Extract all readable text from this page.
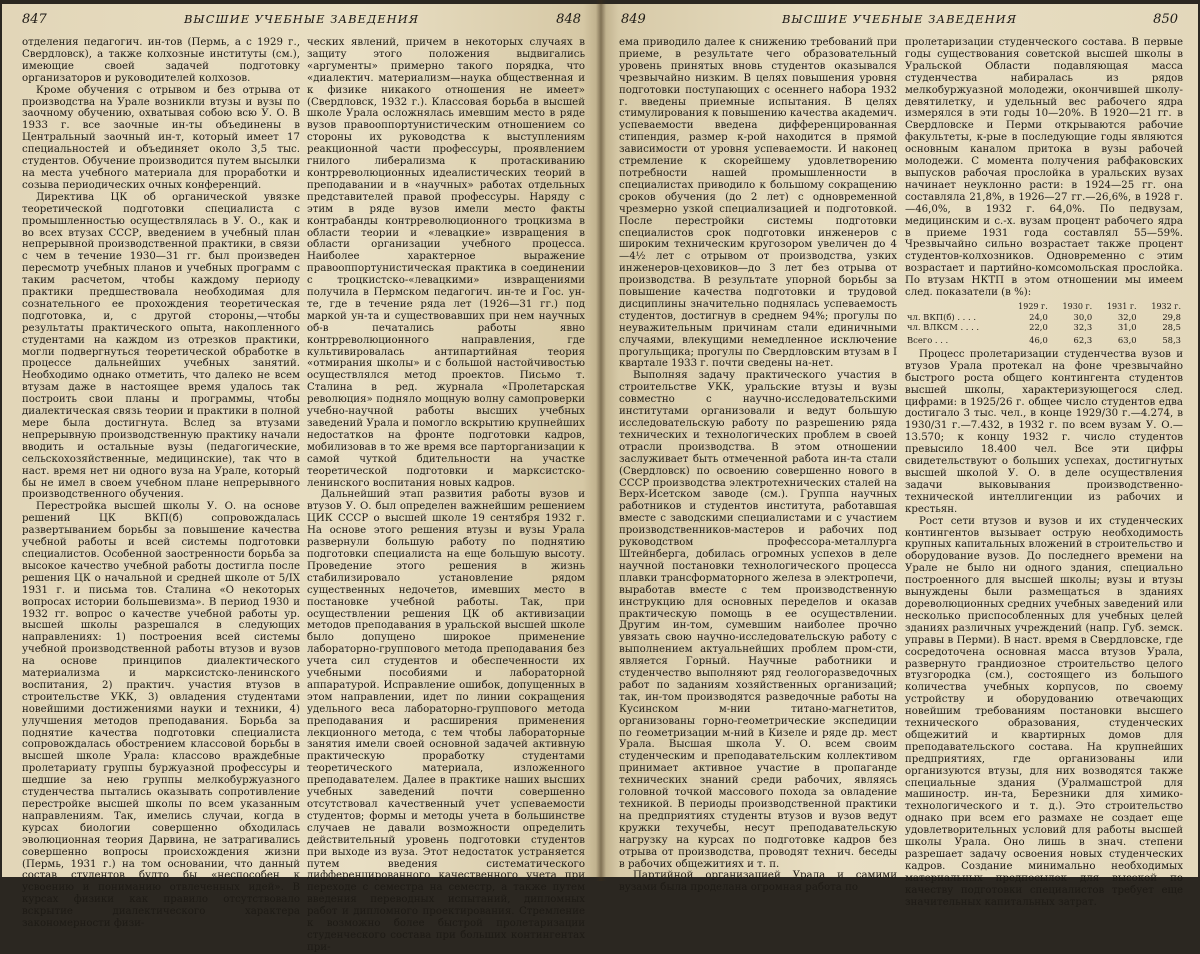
847	ВЫСШИЕ УЧЕБНЫЕ ЗАВЕДЕНИЯ	848

отделения педагогич. ин-тов (Пермь, а с 1929 г., Свердловск), а также колхозные институты (см.), имеющие своей задачей подготовку организаторов и руководителей колхозов.

Кроме обучения с отрывом и без отрыва от производства на Урале возникли втузы и вузы по заочному обучению, охватывая собою всю У. О. В 1933 г. все заочные ин-ты объединены в Центральный заочный ин-т, который имеет 17 специальностей и объединяет около 3,5 тыс. студентов. Обучение производится путем высылки на места учебного материала для проработки и созыва периодических очных конференций.

Директива ЦК об органической увязке теоретической подготовки специалиста с промышленностью осуществлялась в У. О., как и во всех втузах СССР, введением в учебный план непрерывной производственной практики, в связи с чем в течение 1930—31 гг. был произведен пересмотр учебных планов и учебных программ с таким расчетом, чтобы каждому периоду практики предшествовала необходимая для сознательного ее прохождения теоретическая подготовка, и, с другой стороны,—чтобы результаты практического опыта, накопленного студентами на каждом из отрезков практики, могли подвергнуться теоретической обработке в процессе дальнейших учебных занятий. Необходимо однако отметить, что далеко не всем втузам даже в настоящее время удалось так построить свои планы и программы, чтобы диалектическая связь теории и практики в полной мере была достигнута. Вслед за втузами непрерывную производственную практику начали вводить и остальные вузы (педагогические, сельскохозяйственные, медицинские), так что в наст. время нет ни одного вуза на Урале, который бы не имел в своем учебном плане непрерывного производственного обучения.

Перестройка высшей школы У. О. на основе решений ЦК ВКП(б) сопровождалась развертыванием борьбы за повышение качества учебной работы и всей системы подготовки специалистов. Особенной заостренности борьба за высокое качество учебной работы достигла после решения ЦК о начальной и средней школе от 5/IX 1931 г. и письма тов. Сталина «О некоторых вопросах истории большевизма». В период 1930 и 1932 гг. вопрос о качестве учебной работы ур. высшей школы разрешался в следующих направлениях: 1) построения всей системы учебной производственной работы втузов и вузов на основе принципов диалектического материализма и марксистско-ленинского воспитания, 2) практич. участия втузов в строительстве УКК, 3) овладения студентами новейшими достижениями науки и техники, 4) улучшения методов преподавания. Борьба за поднятие качества подготовки специалиста сопровождалась обострением классовой борьбы в высшей школе Урала: классово враждебные пролетариату группы буржуазной профессуры и шедшие за нею группы мелкобуржуазного студенчества пытались оказывать сопротивление перестройке высшей школы по всем указанным направлениям. Так, имелись случаи, когда в курсах биологии совершенно обходилась эволюционная теория Дарвина, не затрагивались совершенно вопросы происхождения жизни (Пермь, 1931 г.) на том основании, что данный состав студентов будто бы «неспособен к усвоению и пониманию отвлеченных идей». В курсах физики как правило отсутствовало вскрытие диалектического характера закономерности физи-

ческих явлений, причем в некоторых случаях в защиту этого положения выдвигались «аргументы» примерно такого порядка, что «диалектич. материализм—наука общественная и к физике никакого отношения не имеет» (Свердловск, 1932 г.). Классовая борьба в высшей школе Урала осложнялась имевшим место в ряде вузов правооппортунистическим отношением со стороны их руководства к выступлениям реакционной части профессуры, проявлением гнилого либерализма к протаскиванию контрреволюционных идеалистических теорий в преподавании и в «научных» работах отдельных представителей правой профессуры. Наряду с этим в ряде вузов имели место факты контрабанды контрреволюционного троцкизма в области теории и «левацкие» извращения в области организации учебного процесса. Наиболее характерное выражение правооппортунистическая практика в соединении с троцкистско-«левацкими» извращениями получила в Пермском педагогич. ин-те и Гос. ун-те, где в течение ряда лет (1926—31 гг.) под маркой ун-та и существовавших при нем научных об-в печатались работы явно контрреволюционного направления, где культивировалась антипартийная теория «отмирания школы» и с большой настойчивостью осуществлялся метод проектов. Письмо т. Сталина в ред. журнала «Пролетарская революция» подняло мощную волну самопроверки учебно-научной работы высших учебных заведений Урала и помогло вскрытию крупнейших недостатков на фронте подготовки кадров, мобилизовав в то же время все парторганизации к самой чуткой бдительности на участке теоретической подготовки и марксистско-ленинского воспитания новых кадров.

Дальнейший этап развития работы вузов и втузов У. О. был определен важнейшим решением ЦИК СССР о высшей школе 19 сентября 1932 г. На основе этого решения втузы и вузы Урала развернули большую работу по поднятию подготовки специалиста на еще большую высоту. Проведение этого решения в жизнь стабилизировало установление рядом существенных недочетов, имевших место в постановке учебной работы. Так, при осуществлении решения ЦК об активизации методов преподавания в уральской высшей школе было допущено широкое применение лабораторно-группового метода преподавания без учета сил студентов и обеспеченности их учебными пособиями и лабораторной аппаратурой. Исправление ошибок, допущенных в этом направлении, идет по линии сокращения удельного веса лабораторно-группового метода преподавания и расширения применения лекционного метода, с тем чтобы лабораторные занятия имели своей основной задачей активную практическую проработку студентами теоретического материала, изложенного преподавателем. Далее в практике наших высших учебных заведений почти совершенно отсутствовал качественный учет успеваемости студентов; формы и методы учета в большинстве случаев не давали возможности определить действительный уровень подготовки студентов при выходе из вуза. Этот недостаток устраняется путем введения систематического дифференцированного качественного учета при переходе с семестра на семестр, а также путем введения переводных испытаний, дипломных работ и дипломного проектирования. Стремление к возможно более быстрой пролетаризации студенческого состава при больших контингентах при-

849	ВЫСШИЕ УЧЕБНЫЕ ЗАВЕДЕНИЯ	850

ема приводило далее к снижению требований при приеме, в результате чего образовательный уровень принятых вновь студентов оказывался чрезвычайно низким. В целях повышения уровня подготовки поступающих с осеннего набора 1932 г. введены приемные испытания. В целях стимулирования к повышению качества академич. успеваемости введена дифференцированная стипендия, размер к-рой находится в прямой зависимости от уровня успеваемости. И наконец стремление к скорейшему удовлетворению потребности нашей промышленности в специалистах приводило к большому сокращению сроков обучения (до 2 лет) с одновременной чрезмерно узкой специализацией и подготовкой. После перестройки системы подготовки специалистов срок подготовки инженеров с широким техническим кругозором увеличен до 4—4½ лет с отрывом от производства, узких инженеров-цеховиков—до 3 лет без отрыва от производства. В результате упорной борьбы за повышение качества подготовки и трудовой дисциплины значительно поднялась успеваемость студентов, достигнув в среднем 94%; прогулы по неуважительным причинам стали единичными случаями, влекущими немедленное исключение прогульщика; прогулы по Свердловским втузам в I квартале 1933 г. почти сведены на-нет.

Выполняя задачу практического участия в строительстве УКК, уральские втузы и вузы совместно с научно-исследовательскими институтами организовали и ведут большую исследовательскую работу по разрешению ряда технических и технологических проблем в своей отрасли производства. В этом отношении заслуживает быть отмеченной работа ин-та стали (Свердловск) по освоению совершенно нового в СССР производства электротехнических сталей на Верх-Исетском заводе (см.). Группа научных работников и студентов института, работавшая вместе с заводскими специалистами и с участием производственников-мастеров и рабочих под руководством профессора-металлурга Штейнберга, добилась огромных успехов в деле научной постановки технологического процесса плавки трансформаторного железа в электропечи, выработав вместе с тем производственную инструкцию для основных переделов и оказав практическую помощь в ее осуществлении. Другим ин-том, сумевшим наиболее прочно увязать свою научно-исследовательскую работу с выполнением актуальнейших проблем пром-сти, является Горный. Научные работники и студенчество выполняют ряд геологоразведочных работ по заданиям хозяйственных организаций; так, ин-том производятся разведочные работы на Кусинском м-нии титано-магнетитов, организованы горно-геометрические экспедиции по геометризации м-ний в Кизеле и ряде др. мест Урала. Высшая школа У. О. всем своим студенческим и преподавательским коллективом принимает активное участие в пропаганде технических знаний среди рабочих, являясь головной точкой массового похода за овладение техникой. В периоды производственной практики на предприятиях студенты втузов и вузов ведут кружки техучебы, несут преподавательскую нагрузку на курсах по подготовке кадров без отрыва от производства, проводят технич. беседы в рабочих общежитиях и т. п.

Партийной организацией Урала и самими вузами была проделана огромная работа по

пролетаризации студенческого состава. В первые годы существования советской высшей школы в Уральской Области подавляющая масса студенчества набиралась из рядов мелкобуржуазной молодежи, окончившей школу-девятилетку, и удельный вес рабочего ядра измерялся в эти годы 10—20%. В 1920—21 гг. в Свердловске и Перми открываются рабочие факультеты, к-рые в последующие годы являются основным каналом притока в вузы рабочей молодежи. С момента получения рабфаковских выпусков рабочая прослойка в уральских вузах начинает неуклонно расти: в 1924—25 гг. она составляла 21,8%, в 1926—27 гг.—26,6%, в 1928 г.—46,0%, в 1932 г. 64,0%. По педвузам, медицинским и с.-х. вузам процент рабочего ядра в приеме 1931 года составлял 55—59%. Чрезвычайно сильно возрастает также процент студентов-колхозников. Одновременно с этим возрастает и партийно-комсомольская прослойка. По втузам НКТП в этом отношении мы имеем след. показатели (в %):

	1929 г.	1930 г.	1931 г.	1932 г.
чл. ВКП(б) . . . .	24,0	30,0	32,0	29,8
чл. ВЛКСМ . . . .	22,0	32,3	31,0	28,5
Всего . . .	46,0	62,3	63,0	58,3

Процесс пролетаризации студенчества вузов и втузов Урала протекал на фоне чрезвычайно быстрого роста общего контингента студентов высшей школы, характеризующегося след. цифрами: в 1925/26 г. общее число студентов едва достигало 3 тыс. чел., в конце 1929/30 г.—4.274, в 1930/31 г.—7.432, в 1932 г. по всем вузам У. О.—13.570; к концу 1932 г. число студентов превысило 18.400 чел. Все эти цифры свидетельствуют о больших успехах, достигнутых высшей школой У. О. в деле осуществления задачи выковывания производственно-технической интеллигенции из рабочих и крестьян.

Рост сети втузов и вузов и их студенческих контингентов вызывает острую необходимость крупных капитальных вложений в строительство и оборудование вузов. До последнего времени на Урале не было ни одного здания, специально построенного для высшей школы; вузы и втузы вынуждены были размещаться в зданиях дореволюционных средних учебных заведений или несколько приспособленных для учебных целей зданиях различных учреждений (напр. Губ. земск. управы в Перми). В наст. время в Свердловске, где сосредоточена основная масса втузов Урала, развернуто грандиозное строительство целого втузгородка (см.), состоящего из большого количества учебных корпусов, по своему устройству и оборудованию отвечающих новейшим требованиям постановки высшего технического образования, студенческих общежитий и квартирных домов для преподавательского состава. На крупнейших предприятиях, где организованы или организуются втузы, для них возводятся также специальные здания (Уралмашстрой для машиностр. ин-та, Березники для химико-технологического и т. д.). Это строительство однако при всем его размахе не создает еще удовлетворительных условий для работы высшей школы Урала. Оно лишь в знач. степени разрешает задачу освоения новых студенческих кадров. Создание минимально необходимых материальных предпосылок для высокой по качеству подготовки специалистов требует еще значительных капитальных затрат.
